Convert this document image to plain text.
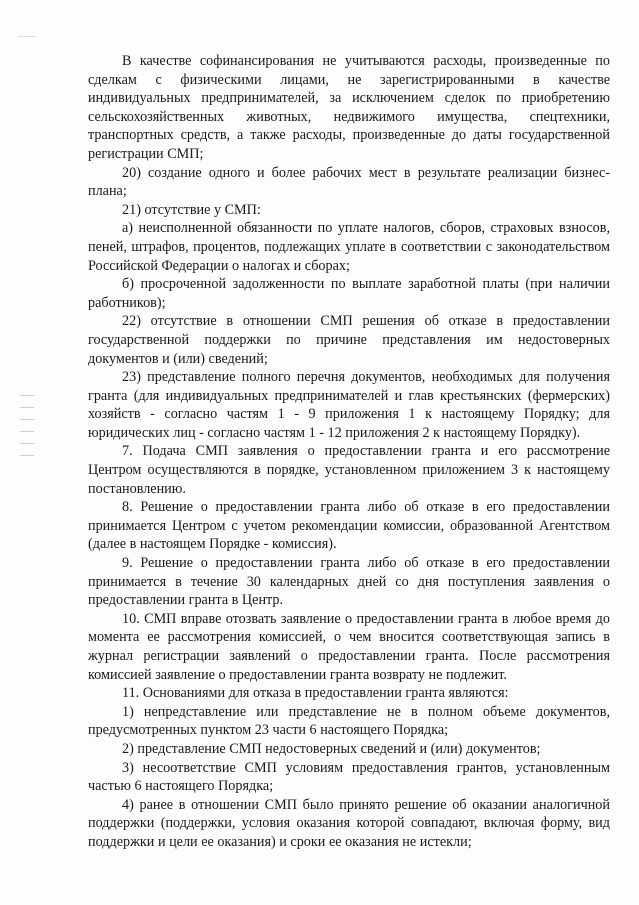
В качестве софинансирования не учитываются расходы, произведенные по сделкам с физическими лицами, не зарегистрированными в качестве индивидуальных предпринимателей, за исключением сделок по приобретению сельскохозяйственных животных, недвижимого имущества, спецтехники, транспортных средств, а также расходы, произведенные до даты государственной регистрации СМП;

20) создание одного и более рабочих мест в результате реализации бизнес-плана;

21) отсутствие у СМП:

а) неисполненной обязанности по уплате налогов, сборов, страховых взносов, пеней, штрафов, процентов, подлежащих уплате в соответствии с законодательством Российской Федерации о налогах и сборах;

б) просроченной задолженности по выплате заработной платы (при наличии работников);

22) отсутствие в отношении СМП решения об отказе в предоставлении государственной поддержки по причине представления им недостоверных документов и (или) сведений;

23) представление полного перечня документов, необходимых для получения гранта (для индивидуальных предпринимателей и глав крестьянских (фермерских) хозяйств - согласно частям 1 - 9 приложения 1 к настоящему Порядку; для юридических лиц - согласно частям 1 - 12 приложения 2 к настоящему Порядку).

7. Подача СМП заявления о предоставлении гранта и его рассмотрение Центром осуществляются в порядке, установленном приложением 3 к настоящему постановлению.

8. Решение о предоставлении гранта либо об отказе в его предоставлении принимается Центром с учетом рекомендации комиссии, образованной Агентством (далее в настоящем Порядке - комиссия).

9. Решение о предоставлении гранта либо об отказе в его предоставлении принимается в течение 30 календарных дней со дня поступления заявления о предоставлении гранта в Центр.

10. СМП вправе отозвать заявление о предоставлении гранта в любое время до момента ее рассмотрения комиссией, о чем вносится соответствующая запись в журнал регистрации заявлений о предоставлении гранта. После рассмотрения комиссией заявление о предоставлении гранта возврату не подлежит.

11. Основаниями для отказа в предоставлении гранта являются:

1) непредставление или представление не в полном объеме документов, предусмотренных пунктом 23 части 6 настоящего Порядка;

2) представление СМП недостоверных сведений и (или) документов;

3) несоответствие СМП условиям предоставления грантов, установленным частью 6 настоящего Порядка;

4) ранее в отношении СМП было принято решение об оказании аналогичной поддержки (поддержки, условия оказания которой совпадают, включая форму, вид поддержки и цели ее оказания) и сроки ее оказания не истекли;
